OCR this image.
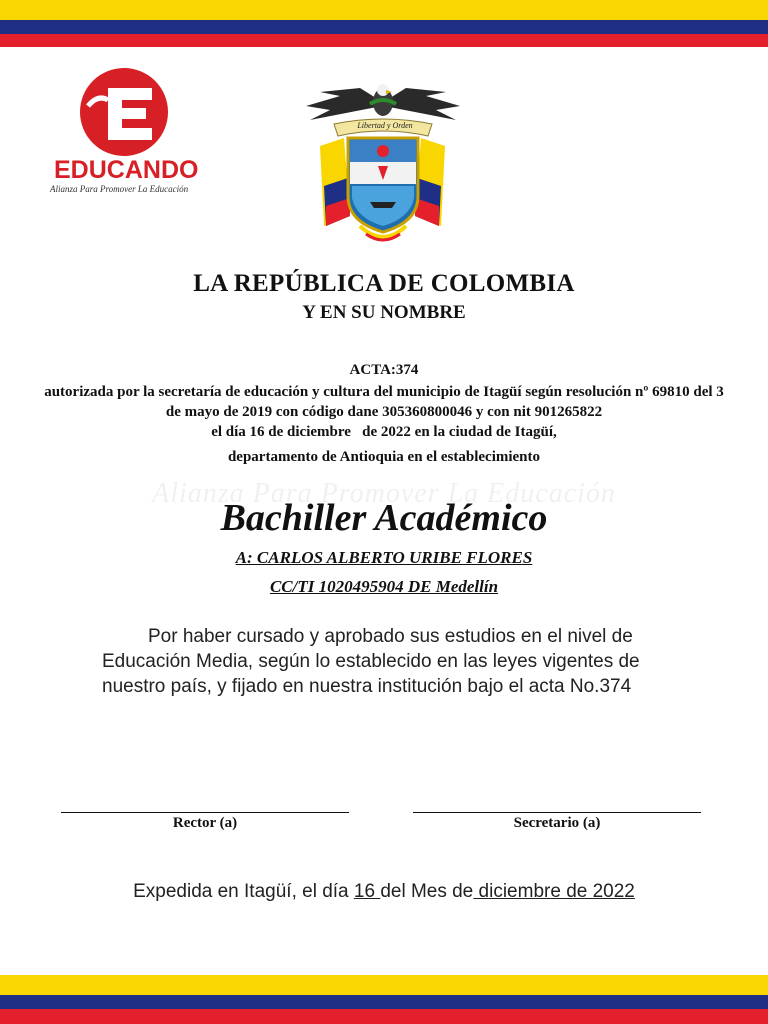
EDUCANDO
Alianza Para Promover La Educación
Libertad y Orden
LA REPÚBLICA DE COLOMBIA
Y EN SU NOMBRE
ACTA:374
autorizada por la secretaría de educación y cultura del municipio de Itagüí según resolución nº 69810 del 3 de mayo de 2019 con código dane 305360800046 y con nit 901265822
el día 16 de diciembre   de 2022 en la ciudad de Itagüí,
departamento de Antioquia en el establecimiento
Alianza Para Promover La Educación
Bachiller Académico
A: CARLOS ALBERTO URIBE FLORES
CC/TI 1020495904 DE Medellín
Por haber cursado y aprobado sus estudios en el nivel de Educación Media, según lo establecido en las leyes vigentes de nuestro país, y fijado en nuestra institución bajo el acta No.374
Rector (a)	Secretario (a)
Expedida en Itagüí, el día 16 del Mes de diciembre de 2022
